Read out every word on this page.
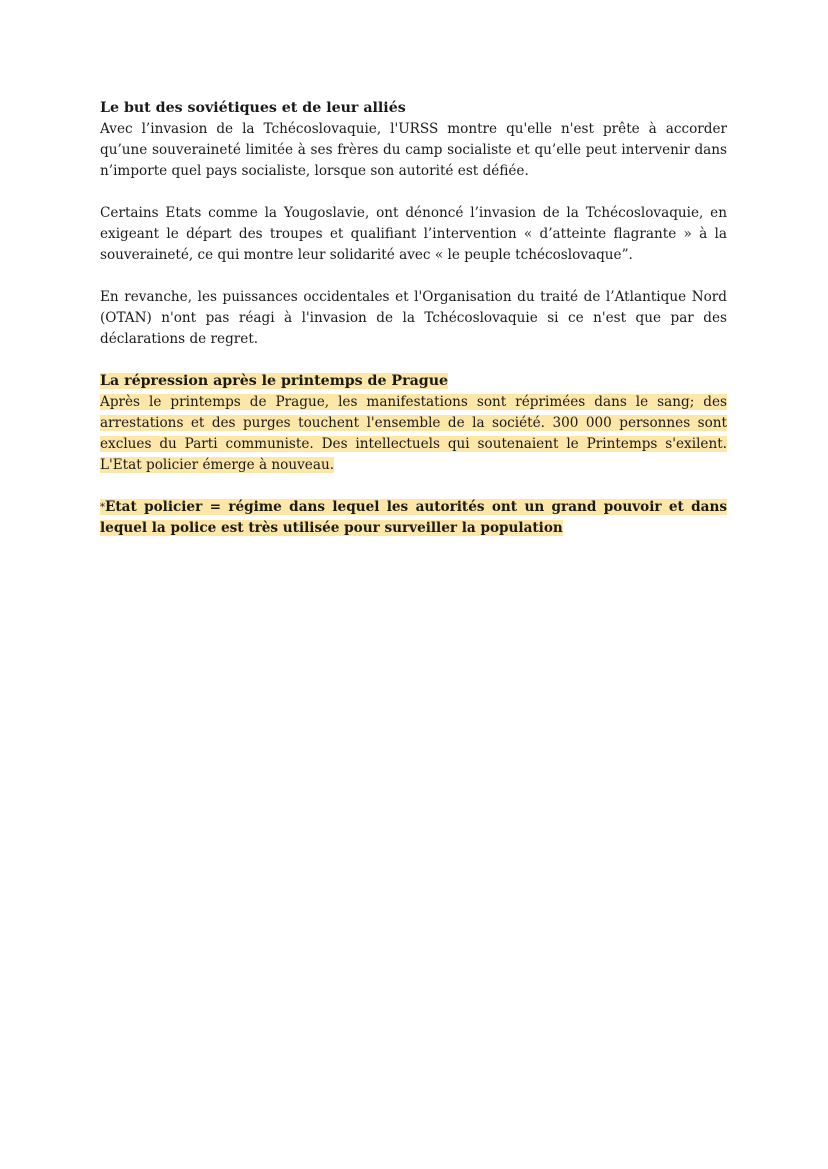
Le but des soviétiques et de leur alliés

Avec l’invasion de la Tchécoslovaquie, l'URSS montre qu'elle n'est prête à accorder qu’une souveraineté limitée à ses frères du camp socialiste et qu’elle peut intervenir dans n’importe quel pays socialiste, lorsque son autorité est défiée.

Certains Etats comme la Yougoslavie, ont dénoncé l’invasion de la Tchécoslovaquie, en exigeant le départ des troupes et qualifiant l’intervention « d’atteinte flagrante » à la souveraineté, ce qui montre leur solidarité avec « le peuple tchécoslovaque”.

En revanche, les puissances occidentales et l'Organisation du traité de l’Atlantique Nord (OTAN) n'ont pas réagi à l'invasion de la Tchécoslovaquie si ce n'est que par des déclarations de regret.

La répression après le printemps de Prague

Après le printemps de Prague, les manifestations sont réprimées dans le sang; des arrestations et des purges touchent l'ensemble de la société. 300 000 personnes sont exclues du Parti communiste. Des intellectuels qui soutenaient le Printemps s'exilent. L'Etat policier émerge à nouveau.

*Etat policier = régime dans lequel les autorités ont un grand pouvoir et dans lequel la police est très utilisée pour surveiller la population
